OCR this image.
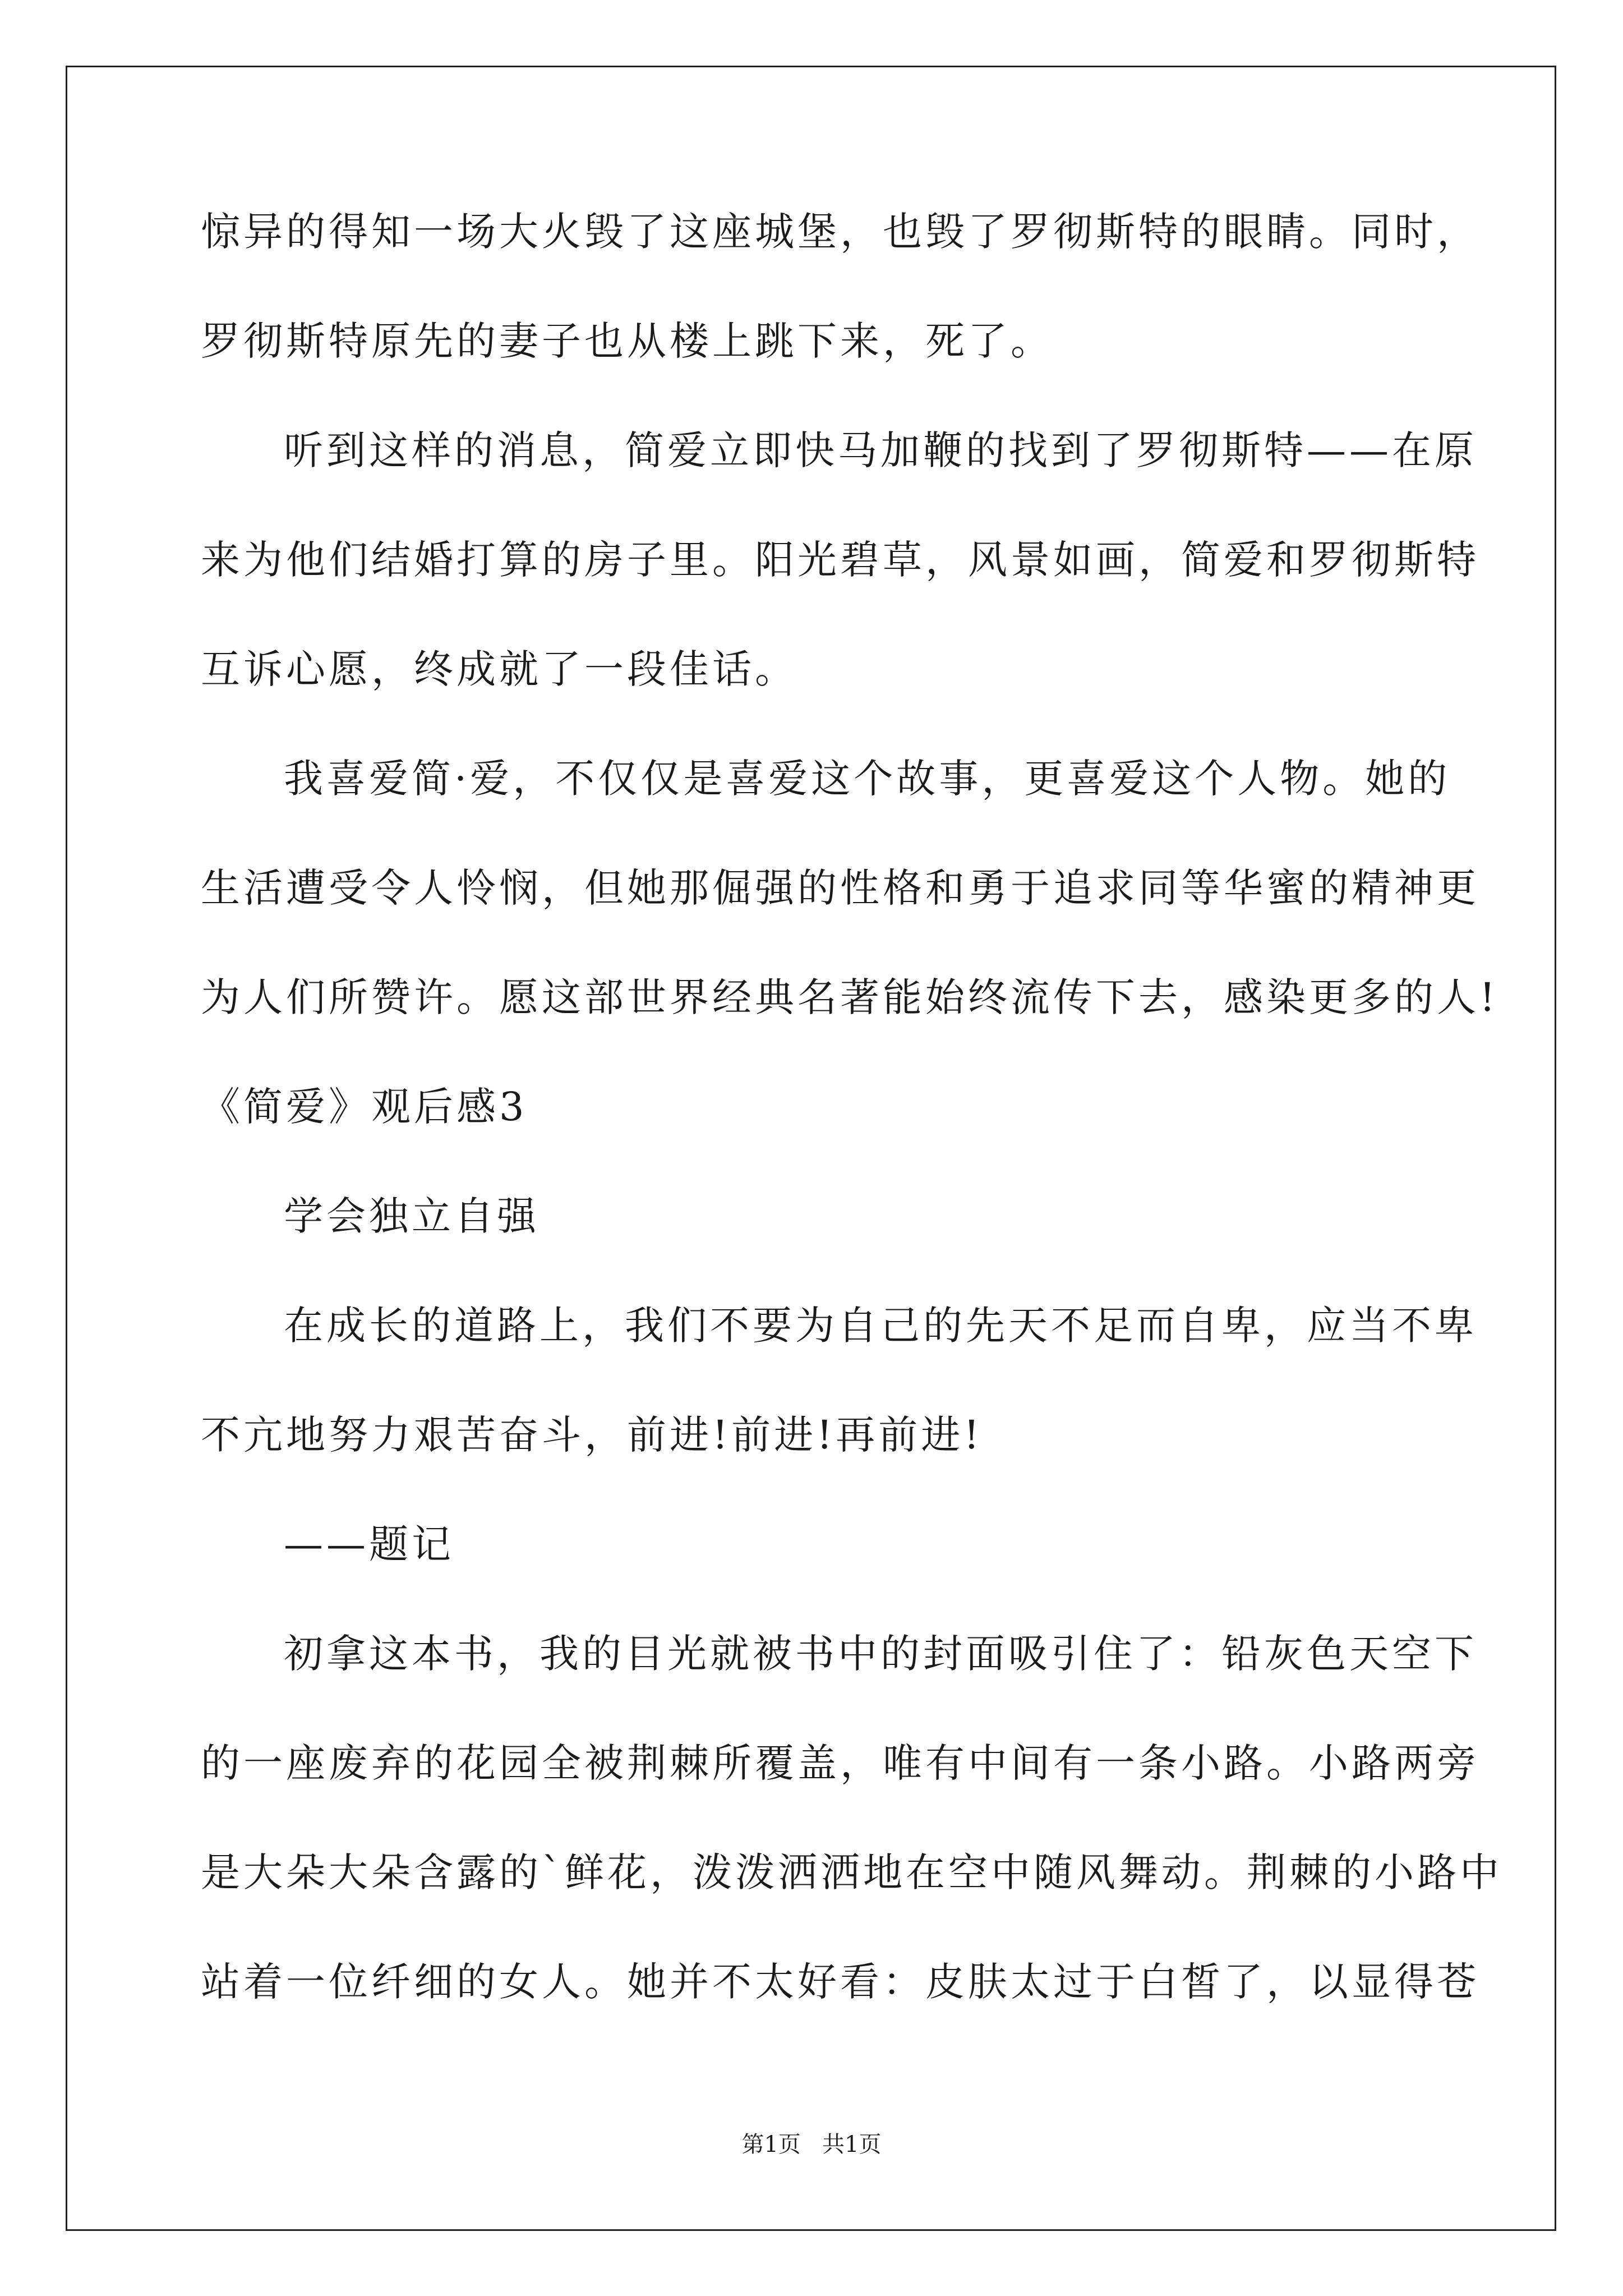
惊异的得知一场大火毁了这座城堡，也毁了罗彻斯特的眼睛。同时，
罗彻斯特原先的妻子也从楼上跳下来，死了。
听到这样的消息，简爱立即快马加鞭的找到了罗彻斯特——在原
来为他们结婚打算的房子里。阳光碧草，风景如画，简爱和罗彻斯特
互诉心愿，终成就了一段佳话。
我喜爱简·爱，不仅仅是喜爱这个故事，更喜爱这个人物。她的
生活遭受令人怜悯，但她那倔强的性格和勇于追求同等华蜜的精神更
为人们所赞许。愿这部世界经典名著能始终流传下去，感染更多的人!
《简爱》观后感3
学会独立自强
在成长的道路上，我们不要为自己的先天不足而自卑，应当不卑
不亢地努力艰苦奋斗，前进!前进!再前进!
——题记
初拿这本书，我的目光就被书中的封面吸引住了：铅灰色天空下
的一座废弃的花园全被荆棘所覆盖，唯有中间有一条小路。小路两旁
是大朵大朵含露的`鲜花，泼泼洒洒地在空中随风舞动。荆棘的小路中
站着一位纤细的女人。她并不太好看：皮肤太过于白皙了，以显得苍
第1页   共1页
